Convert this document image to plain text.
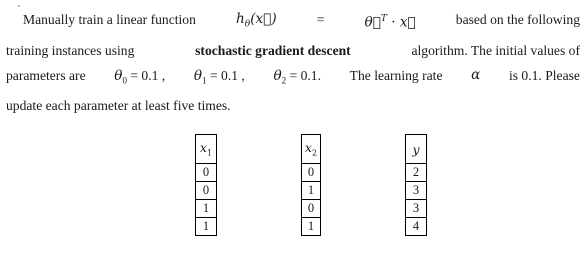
`
Manually train a linear function	$h_\theta(x⃗)$	=	θ⃗$^T$ · x⃗	based on the following
training instances using	stochastic gradient descent	algorithm. The initial values of
parameters are $\theta_0 = 0.1$ , $\theta_1 = 0.1$ , $\theta_2 = 0.1$. The learning rate α is 0.1. Please
update each parameter at least five times.
$x_1$		$x_2$		y
0		0		2
0		1		3
1		0		3
1		1		4
